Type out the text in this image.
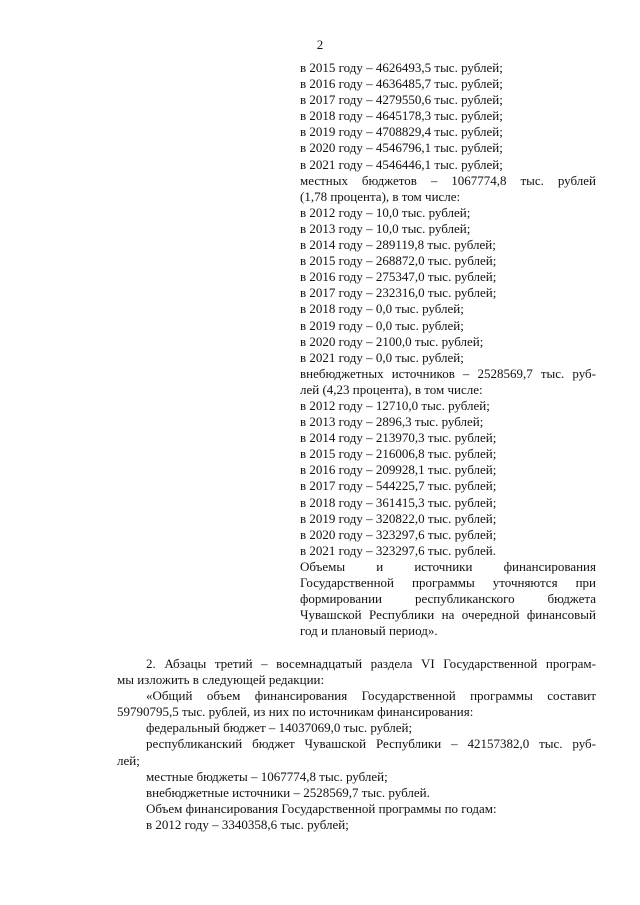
2

в 2015 году – 4626493,5 тыс. рублей;

в 2016 году – 4636485,7 тыс. рублей;

в 2017 году – 4279550,6 тыс. рублей;

в 2018 году – 4645178,3 тыс. рублей;

в 2019 году – 4708829,4 тыс. рублей;

в 2020 году – 4546796,1 тыс. рублей;

в 2021 году – 4546446,1 тыс. рублей;

местных бюджетов – 1067774,8 тыс. рублей

(1,78 процента), в том числе:

в 2012 году – 10,0 тыс. рублей;

в 2013 году – 10,0 тыс. рублей;

в 2014 году – 289119,8 тыс. рублей;

в 2015 году – 268872,0 тыс. рублей;

в 2016 году – 275347,0 тыс. рублей;

в 2017 году – 232316,0 тыс. рублей;

в 2018 году – 0,0 тыс. рублей;

в 2019 году – 0,0 тыс. рублей;

в 2020 году – 2100,0 тыс. рублей;

в 2021 году – 0,0 тыс. рублей;

внебюджетных источников – 2528569,7 тыс. руб-

лей (4,23 процента), в том числе:

в 2012 году – 12710,0 тыс. рублей;

в 2013 году – 2896,3 тыс. рублей;

в 2014 году – 213970,3 тыс. рублей;

в 2015 году – 216006,8 тыс. рублей;

в 2016 году – 209928,1 тыс. рублей;

в 2017 году – 544225,7 тыс. рублей;

в 2018 году – 361415,3 тыс. рублей;

в 2019 году – 320822,0 тыс. рублей;

в 2020 году – 323297,6 тыс. рублей;

в 2021 году – 323297,6 тыс. рублей.

Объемы и источники финансирования Государственной программы уточняются при формировании республиканского бюджета Чувашской Республики на очередной финансовый год и плановый период».

2. Абзацы третий – восемнадцатый раздела VI Государственной програм-

мы изложить в следующей редакции:

«Общий объем финансирования Государственной программы составит 59790795,5 тыс. рублей, из них по источникам финансирования:

федеральный бюджет – 14037069,0 тыс. рублей;

республиканский бюджет Чувашской Республики – 42157382,0 тыс. руб-

лей;

местные бюджеты – 1067774,8 тыс. рублей;

внебюджетные источники – 2528569,7 тыс. рублей.

Объем финансирования Государственной программы по годам:

в 2012 году – 3340358,6 тыс. рублей;
